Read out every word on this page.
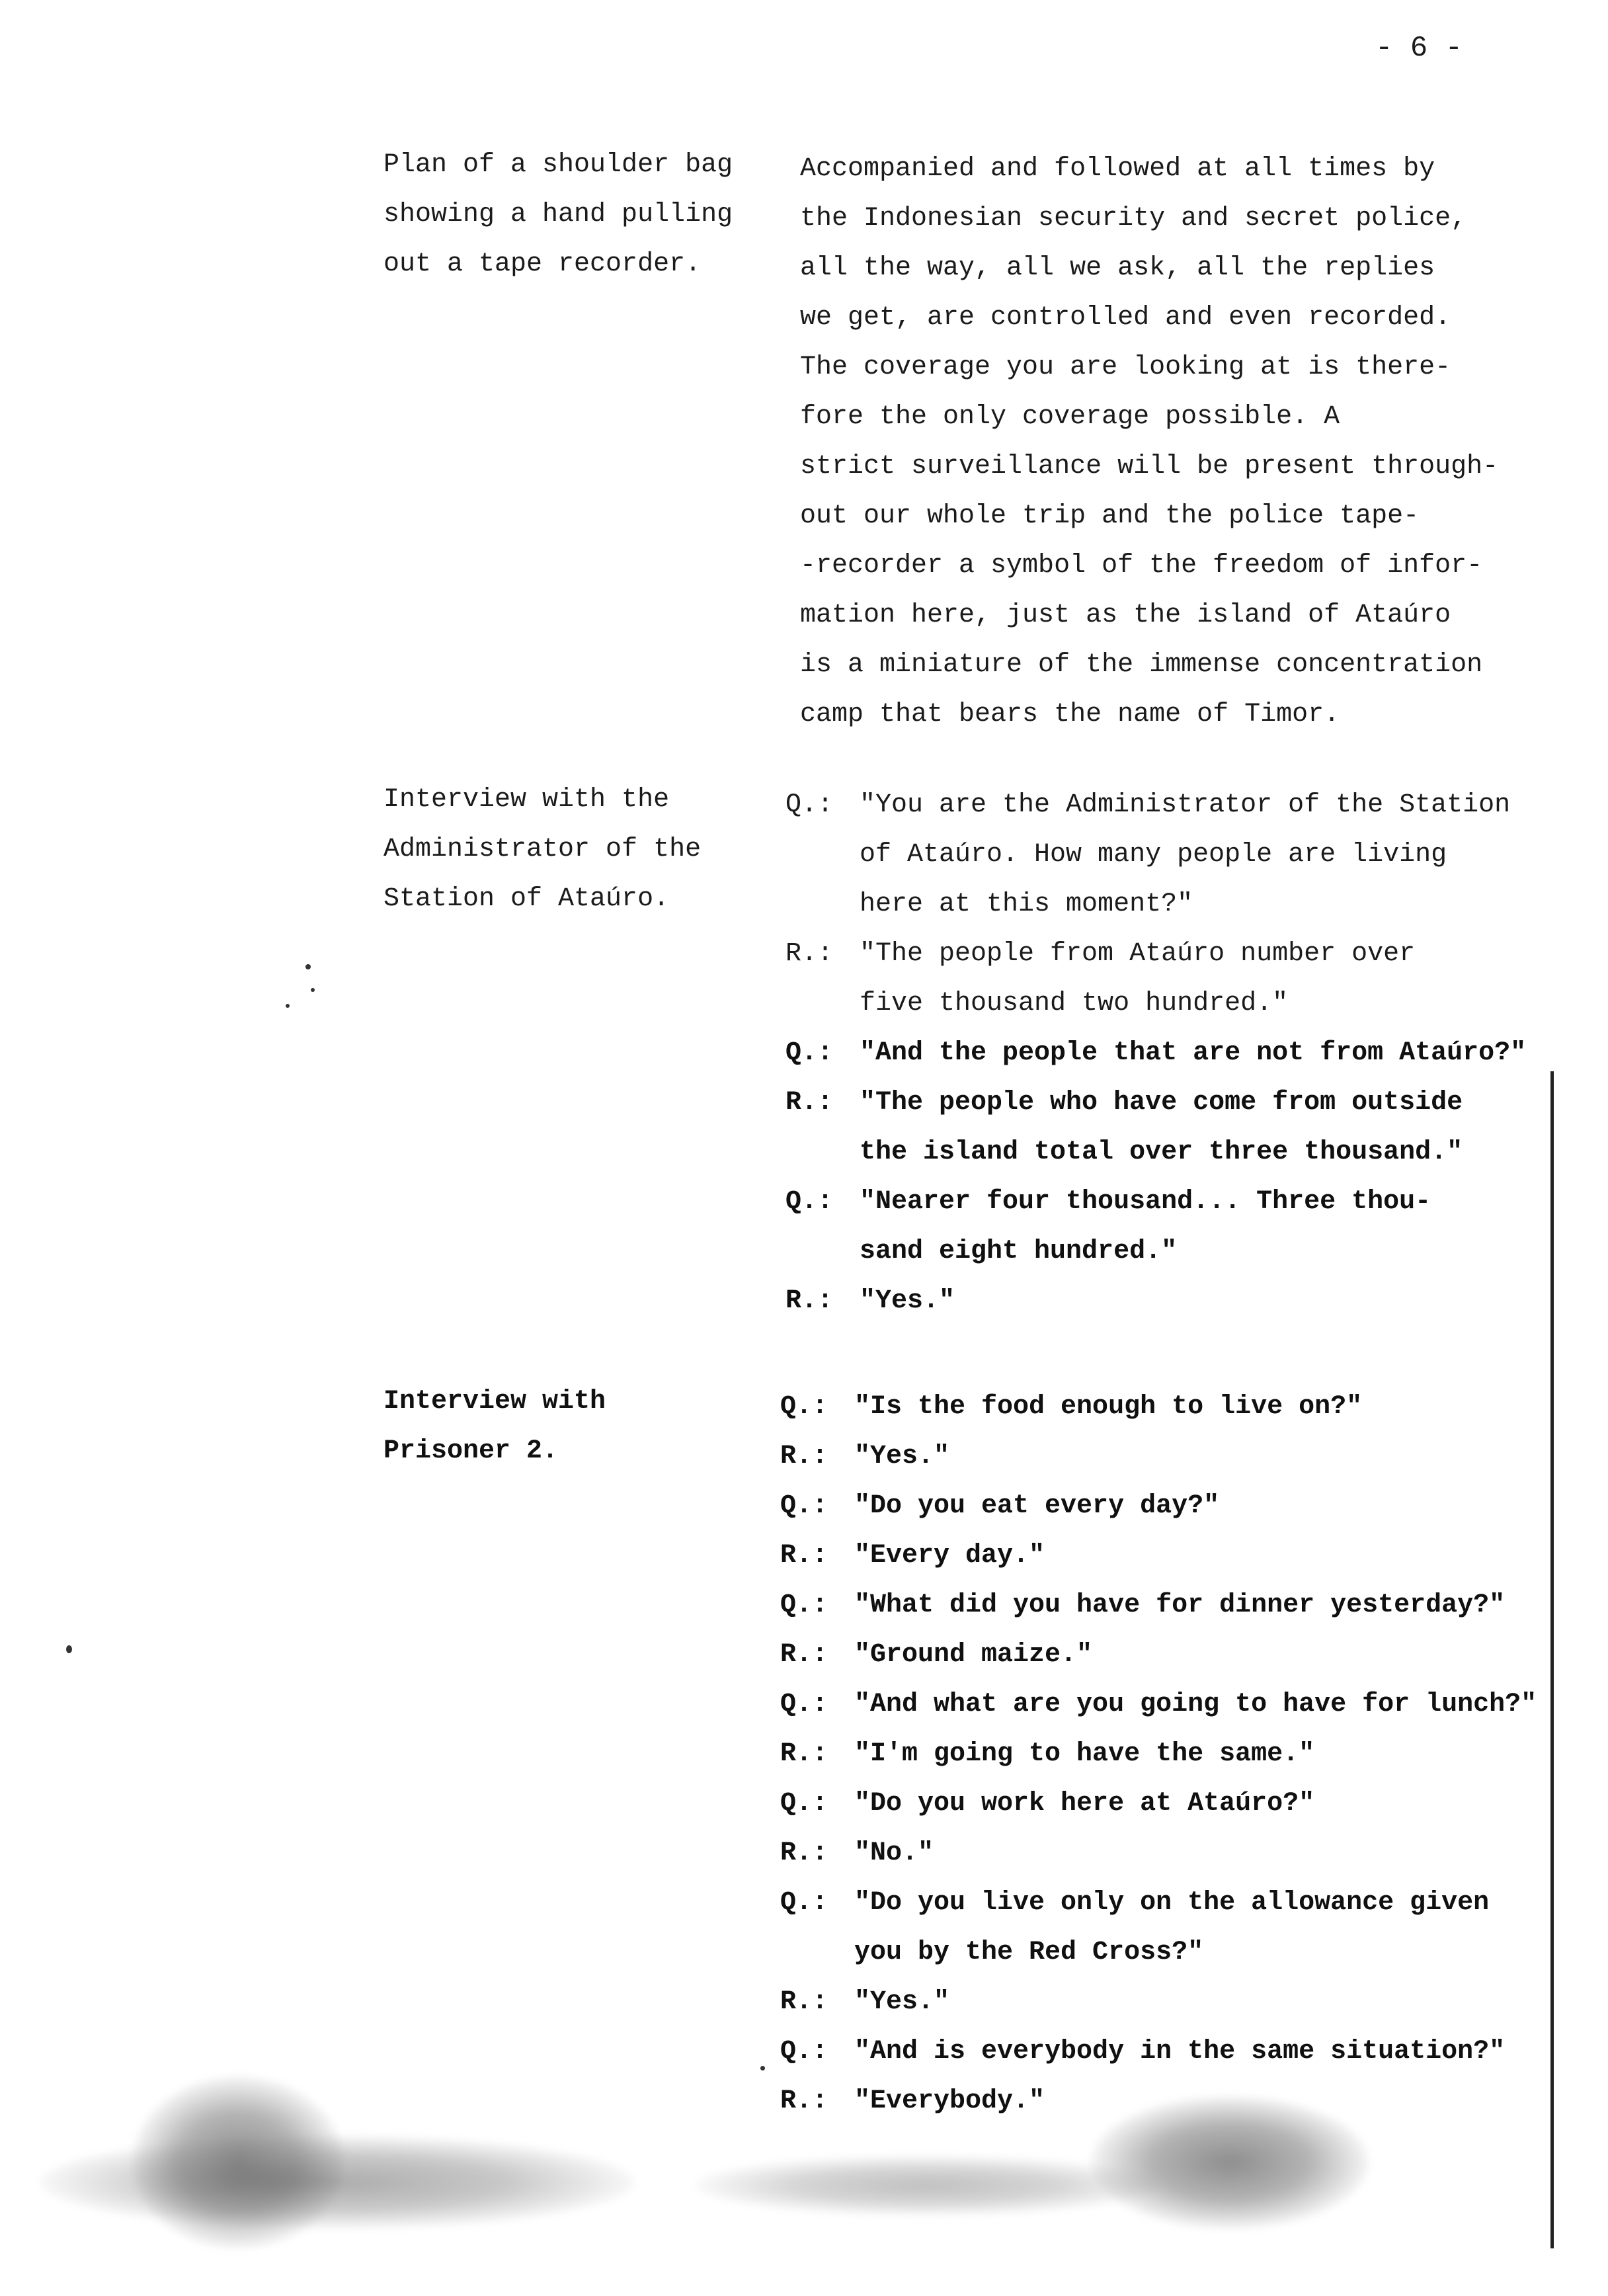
- 6 -
Plan of a shoulder bag
showing a hand pulling
out a tape recorder.
Accompanied and followed at all times by
the Indonesian security and secret police,
all the way, all we ask, all the replies
we get, are controlled and even recorded.
The coverage you are looking at is there-
fore the only coverage possible. A
strict surveillance will be present through-
out our whole trip and the police tape-
-recorder a symbol of the freedom of infor-
mation here, just as the island of Ataúro
is a miniature of the immense concentration
camp that bears the name of Timor.
Interview with the
Administrator of the
Station of Ataúro.
Q.: "You are the Administrator of the Station
of Ataúro. How many people are living
here at this moment?"
R.: "The people from Ataúro number over
five thousand two hundred."
Q.: "And the people that are not from Ataúro?"
R.: "The people who have come from outside
the island total over three thousand."
Q.: "Nearer four thousand... Three thou-
sand eight hundred."
R.: "Yes."
Interview with
Prisoner 2.
Q.: "Is the food enough to live on?"
R.: "Yes."
Q.: "Do you eat every day?"
R.: "Every day."
Q.: "What did you have for dinner yesterday?"
R.: "Ground maize."
Q.: "And what are you going to have for lunch?"
R.: "I'm going to have the same."
Q.: "Do you work here at Ataúro?"
R.: "No."
Q.: "Do you live only on the allowance given
you by the Red Cross?"
R.: "Yes."
Q.: "And is everybody in the same situation?"
R.: "Everybody."
